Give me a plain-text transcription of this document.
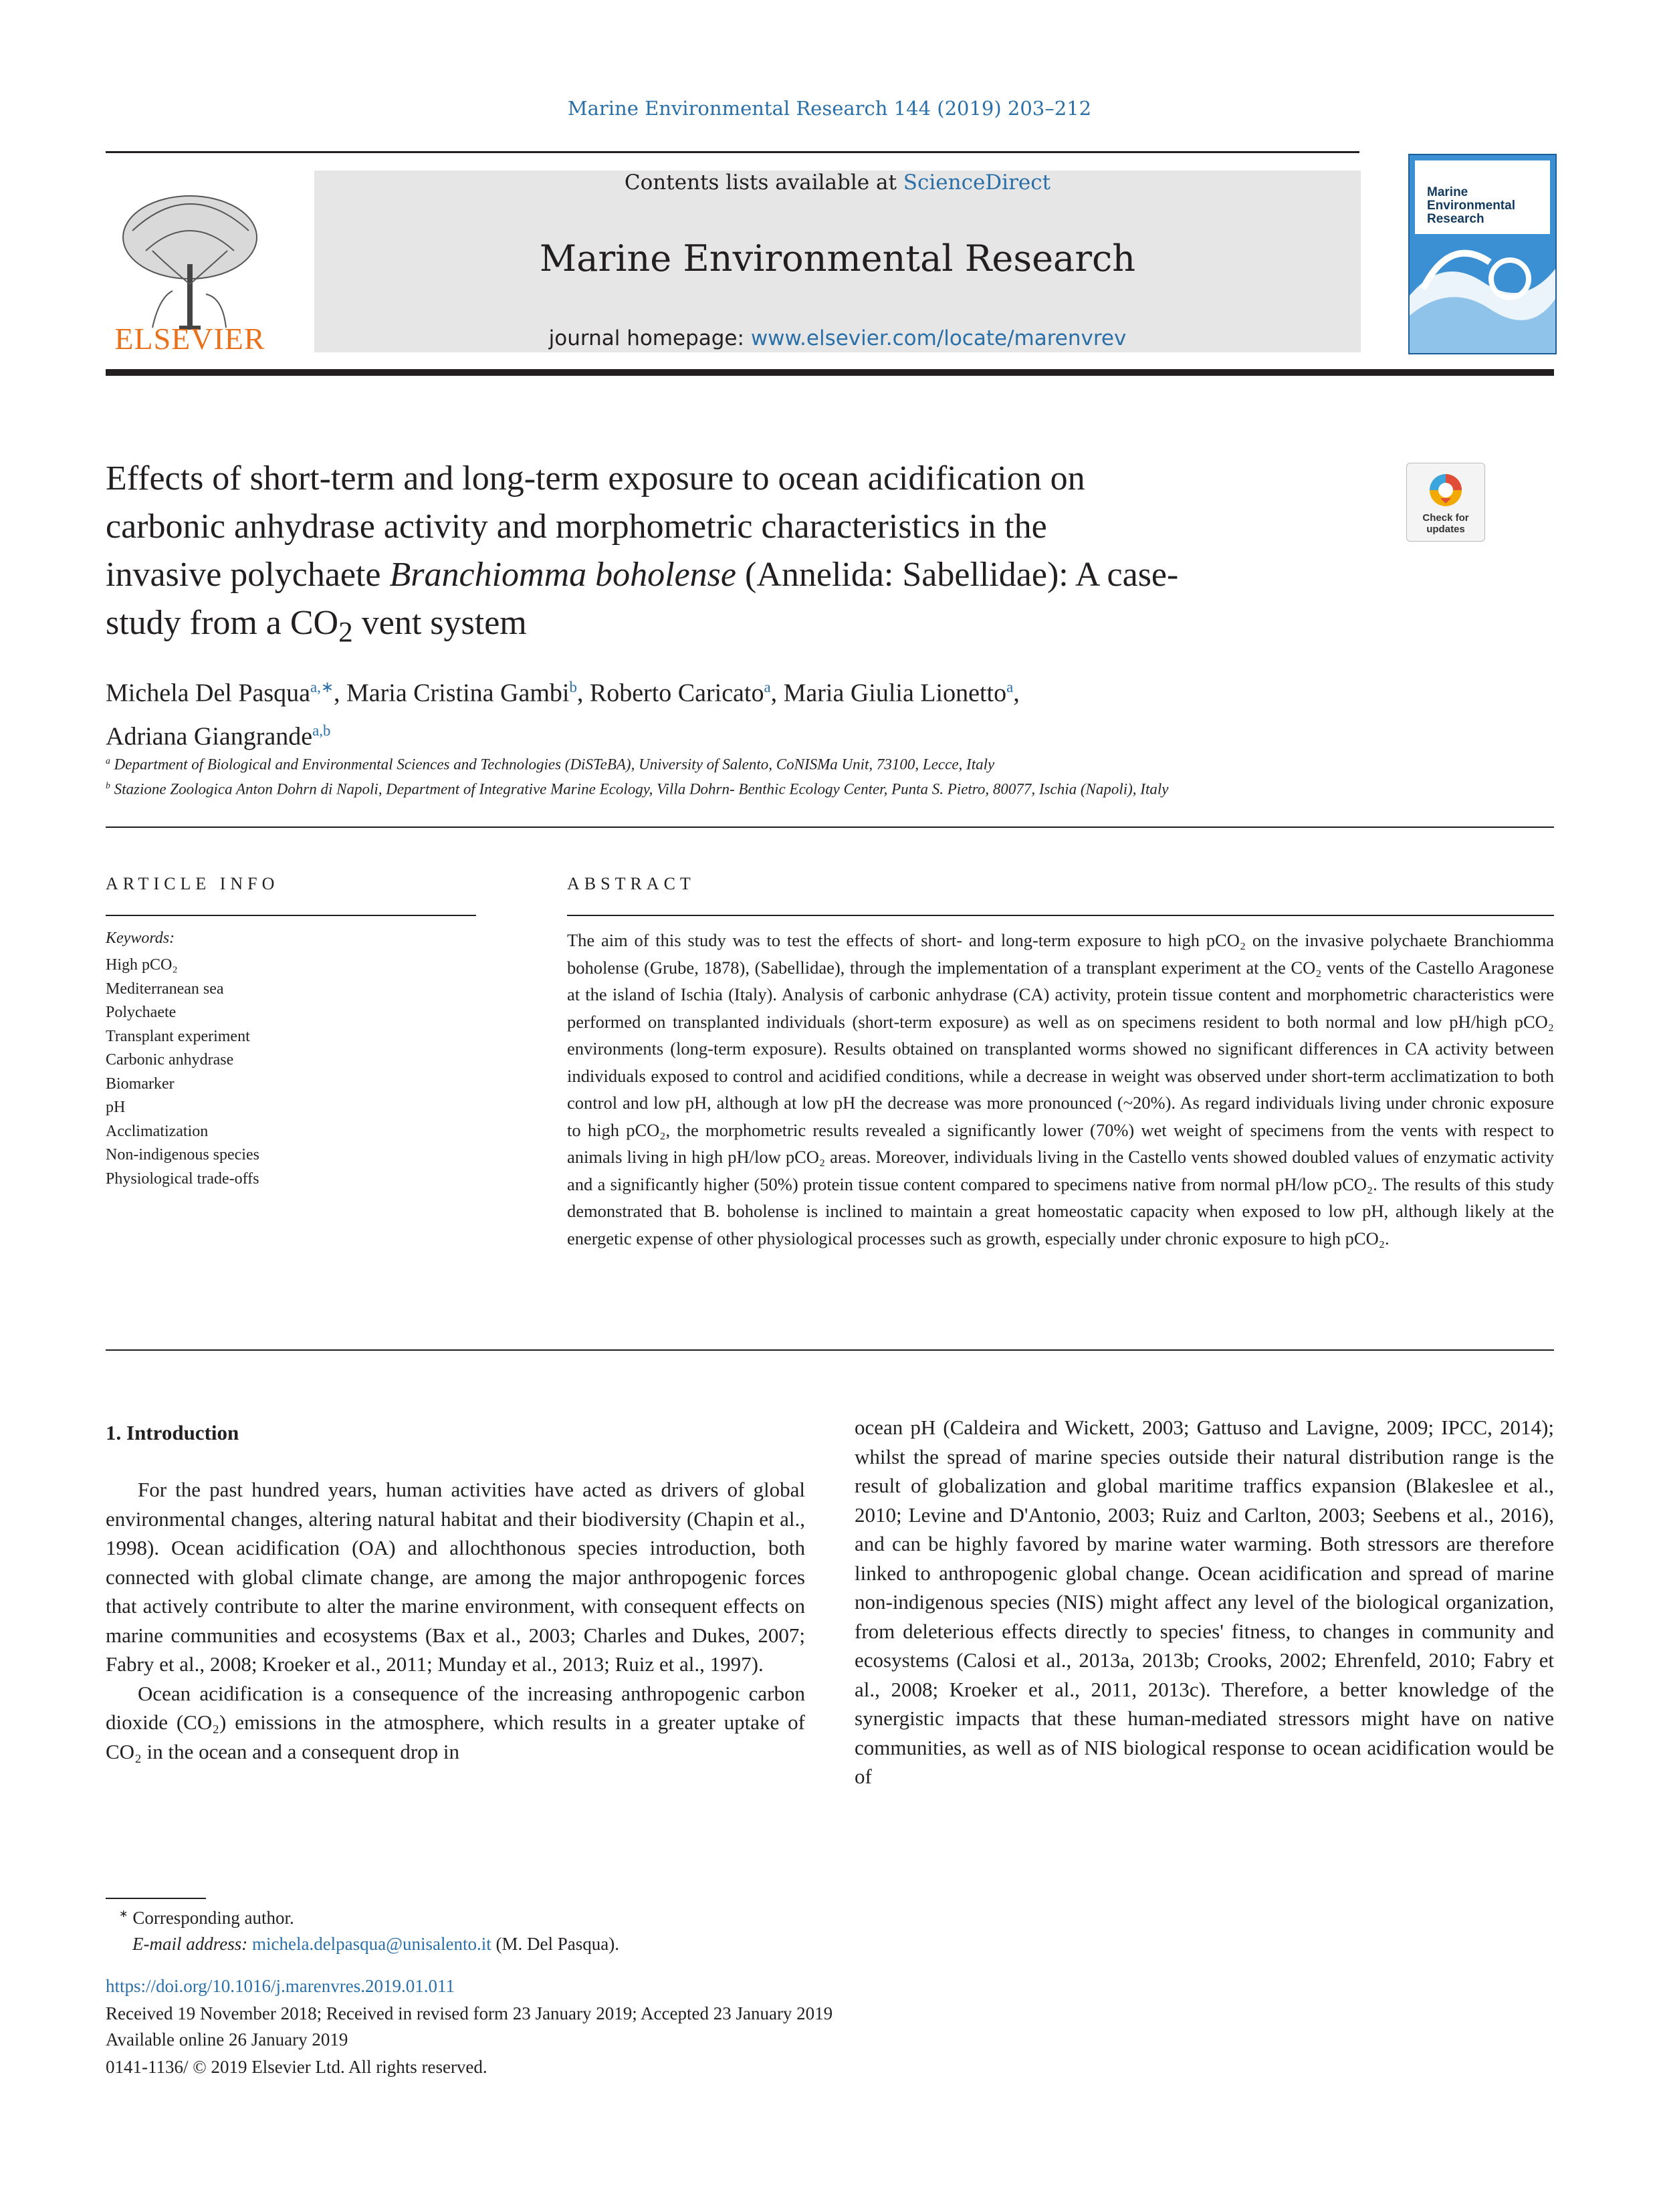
Marine Environmental Research 144 (2019) 203–212
ELSEVIER
Contents lists available at ScienceDirect
Marine Environmental Research
journal homepage: www.elsevier.com/locate/marenvrev
Marine Environmental Research
Effects of short-term and long-term exposure to ocean acidification on
carbonic anhydrase activity and morphometric characteristics in the
invasive polychaete Branchiomma boholense (Annelida: Sabellidae): A case-
study from a $CO_2$ vent system
Check for
updates
Michela Del Pasqua$^{a,∗}$, Maria Cristina Gambi$^b$, Roberto Caricato$^a$, Maria Giulia Lionetto$^a$,
Adriana Giangrande$^{a,b}$
$^a$ Department of Biological and Environmental Sciences and Technologies (DiSTeBA), University of Salento, CoNISMa Unit, 73100, Lecce, Italy
$^b$ Stazione Zoologica Anton Dohrn di Napoli, Department of Integrative Marine Ecology, Villa Dohrn- Benthic Ecology Center, Punta S. Pietro, 80077, Ischia (Napoli), Italy
ARTICLE INFO
Keywords:
High pCO₂
Mediterranean sea
Polychaete
Transplant experiment
Carbonic anhydrase
Biomarker
pH
Acclimatization
Non-indigenous species
Physiological trade-offs
ABSTRACT
The aim of this study was to test the effects of short- and long-term exposure to high pCO₂ on the invasive polychaete Branchiomma boholense (Grube, 1878), (Sabellidae), through the implementation of a transplant experiment at the CO₂ vents of the Castello Aragonese at the island of Ischia (Italy). Analysis of carbonic anhydrase (CA) activity, protein tissue content and morphometric characteristics were performed on transplanted individuals (short-term exposure) as well as on specimens resident to both normal and low pH/high pCO₂ environments (long-term exposure). Results obtained on transplanted worms showed no significant differences in CA activity between individuals exposed to control and acidified conditions, while a decrease in weight was observed under short-term acclimatization to both control and low pH, although at low pH the decrease was more pronounced (~20%). As regard individuals living under chronic exposure to high pCO₂, the morphometric results revealed a significantly lower (70%) wet weight of specimens from the vents with respect to animals living in high pH/low pCO₂ areas. Moreover, individuals living in the Castello vents showed doubled values of enzymatic activity and a significantly higher (50%) protein tissue content compared to specimens native from normal pH/low pCO₂. The results of this study demonstrated that B. boholense is inclined to maintain a great homeostatic capacity when exposed to low pH, although likely at the energetic expense of other physiological processes such as growth, especially under chronic exposure to high pCO₂.
1. Introduction

For the past hundred years, human activities have acted as drivers of global environmental changes, altering natural habitat and their biodiversity (Chapin et al., 1998). Ocean acidification (OA) and allochthonous species introduction, both connected with global climate change, are among the major anthropogenic forces that actively contribute to alter the marine environment, with consequent effects on marine communities and ecosystems (Bax et al., 2003; Charles and Dukes, 2007; Fabry et al., 2008; Kroeker et al., 2011; Munday et al., 2013; Ruiz et al., 1997).

Ocean acidification is a consequence of the increasing anthropogenic carbon dioxide (CO₂) emissions in the atmosphere, which results in a greater uptake of CO₂ in the ocean and a consequent drop in

ocean pH (Caldeira and Wickett, 2003; Gattuso and Lavigne, 2009; IPCC, 2014); whilst the spread of marine species outside their natural distribution range is the result of globalization and global maritime traffics expansion (Blakeslee et al., 2010; Levine and D'Antonio, 2003; Ruiz and Carlton, 2003; Seebens et al., 2016), and can be highly favored by marine water warming. Both stressors are therefore linked to anthropogenic global change. Ocean acidification and spread of marine non-indigenous species (NIS) might affect any level of the biological organization, from deleterious effects directly to species' fitness, to changes in community and ecosystems (Calosi et al., 2013a, 2013b; Crooks, 2002; Ehrenfeld, 2010; Fabry et al., 2008; Kroeker et al., 2011, 2013c). Therefore, a better knowledge of the synergistic impacts that these human-mediated stressors might have on native communities, as well as of NIS biological response to ocean acidification would be of
∗ Corresponding author.
E-mail address: michela.delpasqua@unisalento.it (M. Del Pasqua).
https://doi.org/10.1016/j.marenvres.2019.01.011
Received 19 November 2018; Received in revised form 23 January 2019; Accepted 23 January 2019
Available online 26 January 2019
0141-1136/ © 2019 Elsevier Ltd. All rights reserved.
